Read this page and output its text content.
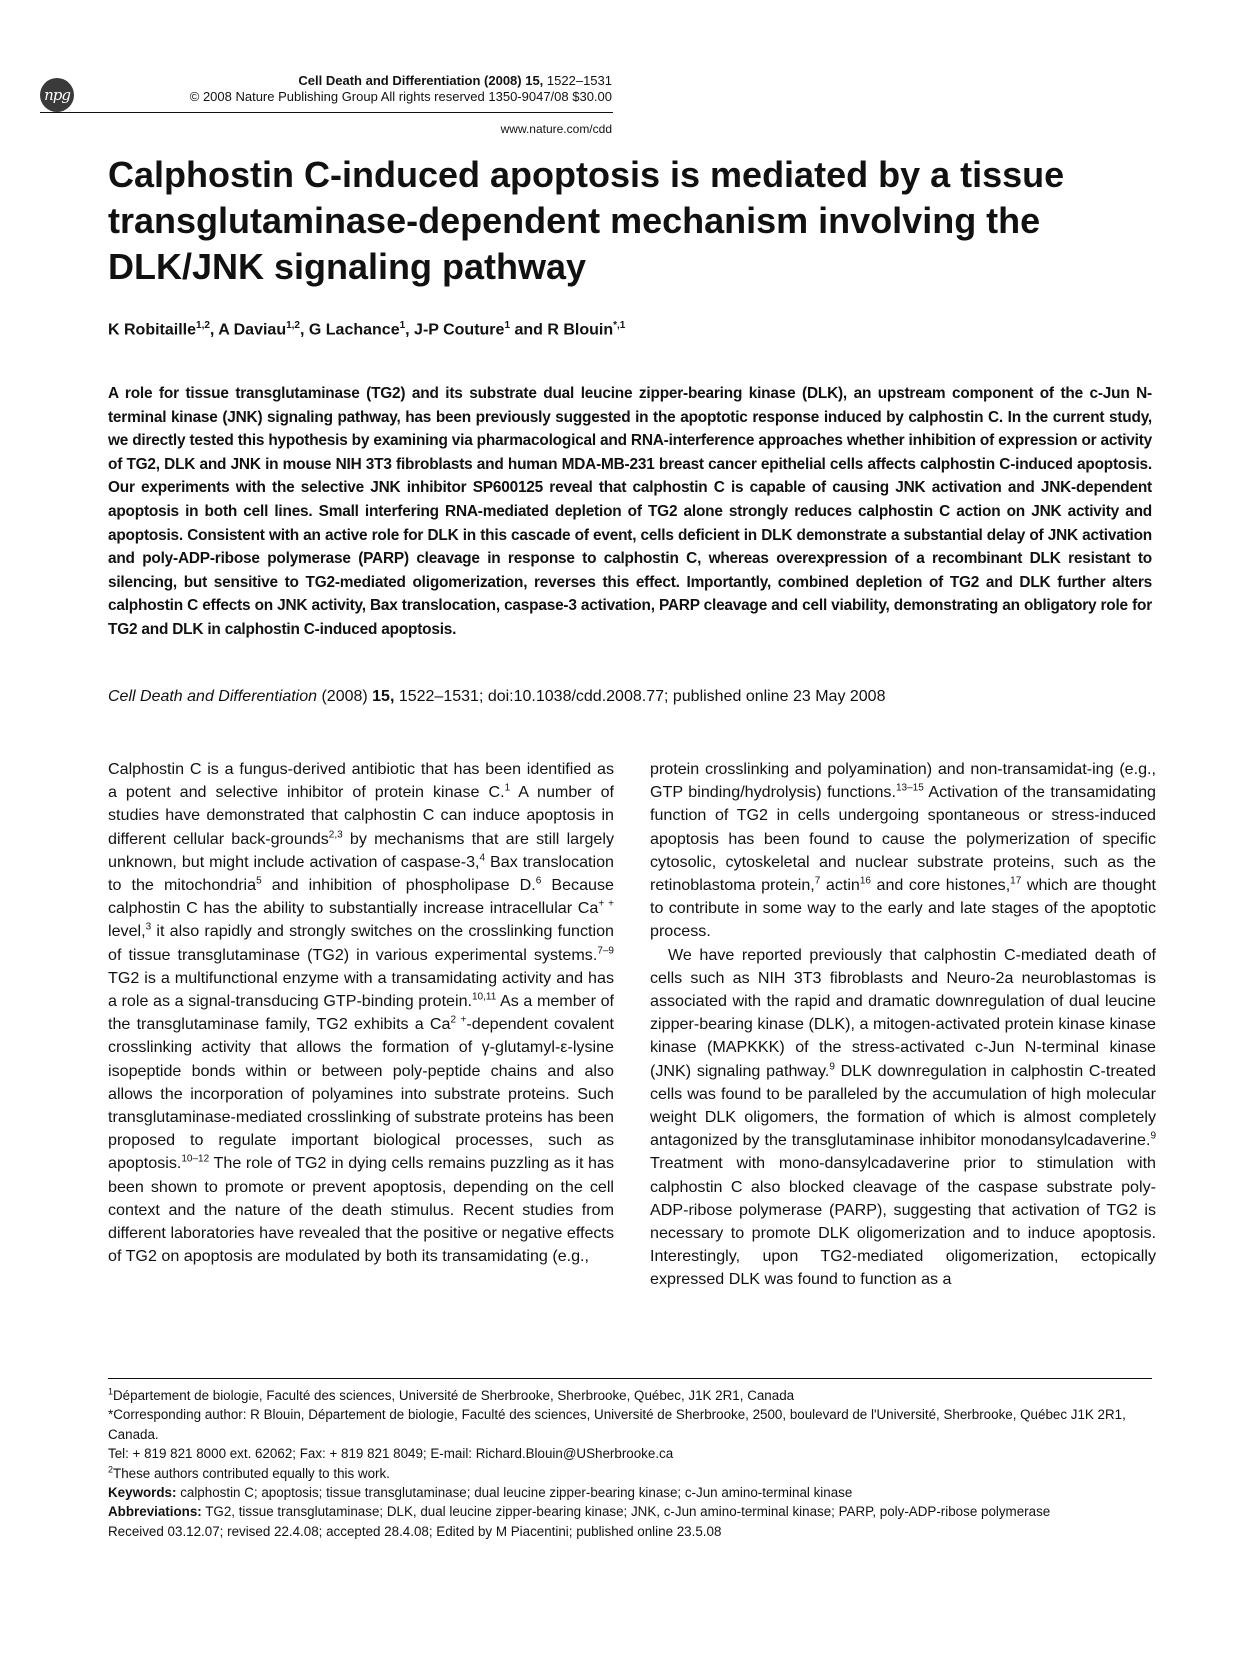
npg
Cell Death and Differentiation (2008) 15, 1522–1531
© 2008 Nature Publishing Group All rights reserved 1350-9047/08 $30.00
www.nature.com/cdd
Calphostin C-induced apoptosis is mediated by a tissue transglutaminase-dependent mechanism involving the DLK/JNK signaling pathway
K Robitaille$^{1,2}$, A Daviau$^{1,2}$, G Lachance$^1$, J-P Couture$^1$ and R Blouin$^{*,1}$
A role for tissue transglutaminase (TG2) and its substrate dual leucine zipper-bearing kinase (DLK), an upstream component of the c-Jun N-terminal kinase (JNK) signaling pathway, has been previously suggested in the apoptotic response induced by calphostin C. In the current study, we directly tested this hypothesis by examining via pharmacological and RNA-interference approaches whether inhibition of expression or activity of TG2, DLK and JNK in mouse NIH 3T3 fibroblasts and human MDA-MB-231 breast cancer epithelial cells affects calphostin C-induced apoptosis. Our experiments with the selective JNK inhibitor SP600125 reveal that calphostin C is capable of causing JNK activation and JNK-dependent apoptosis in both cell lines. Small interfering RNA-mediated depletion of TG2 alone strongly reduces calphostin C action on JNK activity and apoptosis. Consistent with an active role for DLK in this cascade of event, cells deficient in DLK demonstrate a substantial delay of JNK activation and poly-ADP-ribose polymerase (PARP) cleavage in response to calphostin C, whereas overexpression of a recombinant DLK resistant to silencing, but sensitive to TG2-mediated oligomerization, reverses this effect. Importantly, combined depletion of TG2 and DLK further alters calphostin C effects on JNK activity, Bax translocation, caspase-3 activation, PARP cleavage and cell viability, demonstrating an obligatory role for TG2 and DLK in calphostin C-induced apoptosis.
Cell Death and Differentiation (2008) 15, 1522–1531; doi:10.1038/cdd.2008.77; published online 23 May 2008

Calphostin C is a fungus-derived antibiotic that has been identified as a potent and selective inhibitor of protein kinase C.$^1$ A number of studies have demonstrated that calphostin C can induce apoptosis in different cellular back-grounds$^{2,3}$ by mechanisms that are still largely unknown, but might include activation of caspase-3,$^4$ Bax translocation to the mitochondria$^5$ and inhibition of phospholipase D.$^6$ Because calphostin C has the ability to substantially increase intracellular Ca+ + level,$^3$ it also rapidly and strongly switches on the crosslinking function of tissue transglutaminase (TG2) in various experimental systems.$^{7-9}$ TG2 is a multifunctional enzyme with a transamidating activity and has a role as a signal-transducing GTP-binding protein.$^{10,11}$ As a member of the transglutaminase family, TG2 exhibits a $Ca^{2 +}$-dependent covalent crosslinking activity that allows the formation of γ-glutamyl-ε-lysine isopeptide bonds within or between poly-peptide chains and also allows the incorporation of polyamines into substrate proteins. Such transglutaminase-mediated crosslinking of substrate proteins has been proposed to regulate important biological processes, such as apoptosis.$^{10-12}$ The role of TG2 in dying cells remains puzzling as it has been shown to promote or prevent apoptosis, depending on the cell context and the nature of the death stimulus. Recent studies from different laboratories have revealed that the positive or negative effects of TG2 on apoptosis are modulated by both its transamidating (e.g.,

protein crosslinking and polyamination) and non-transamidat-ing (e.g., GTP binding/hydrolysis) functions.$^{13-15}$ Activation of the transamidating function of TG2 in cells undergoing spontaneous or stress-induced apoptosis has been found to cause the polymerization of specific cytosolic, cytoskeletal and nuclear substrate proteins, such as the retinoblastoma protein,$^7$ actin$^{16}$ and core histones,$^{17}$ which are thought to contribute in some way to the early and late stages of the apoptotic process.

We have reported previously that calphostin C-mediated death of cells such as NIH 3T3 fibroblasts and Neuro-2a neuroblastomas is associated with the rapid and dramatic downregulation of dual leucine zipper-bearing kinase (DLK), a mitogen-activated protein kinase kinase kinase (MAPKKK) of the stress-activated c-Jun N-terminal kinase (JNK) signaling pathway.$^9$ DLK downregulation in calphostin C-treated cells was found to be paralleled by the accumulation of high molecular weight DLK oligomers, the formation of which is almost completely antagonized by the transglutaminase inhibitor monodansylcadaverine.$^9$ Treatment with mono-dansylcadaverine prior to stimulation with calphostin C also blocked cleavage of the caspase substrate poly-ADP-ribose polymerase (PARP), suggesting that activation of TG2 is necessary to promote DLK oligomerization and to induce apoptosis. Interestingly, upon TG2-mediated oligomerization, ectopically expressed DLK was found to function as a

$^1$Département de biologie, Faculté des sciences, Université de Sherbrooke, Sherbrooke, Québec, J1K 2R1, Canada
*Corresponding author: R Blouin, Département de biologie, Faculté des sciences, Université de Sherbrooke, 2500, boulevard de l'Université, Sherbrooke, Québec J1K 2R1, Canada.
Tel: + 819 821 8000 ext. 62062; Fax: + 819 821 8049; E-mail: Richard.Blouin@USherbrooke.ca
$^2$These authors contributed equally to this work.
Keywords: calphostin C; apoptosis; tissue transglutaminase; dual leucine zipper-bearing kinase; c-Jun amino-terminal kinase
Abbreviations: TG2, tissue transglutaminase; DLK, dual leucine zipper-bearing kinase; JNK, c-Jun amino-terminal kinase; PARP, poly-ADP-ribose polymerase
Received 03.12.07; revised 22.4.08; accepted 28.4.08; Edited by M Piacentini; published online 23.5.08
